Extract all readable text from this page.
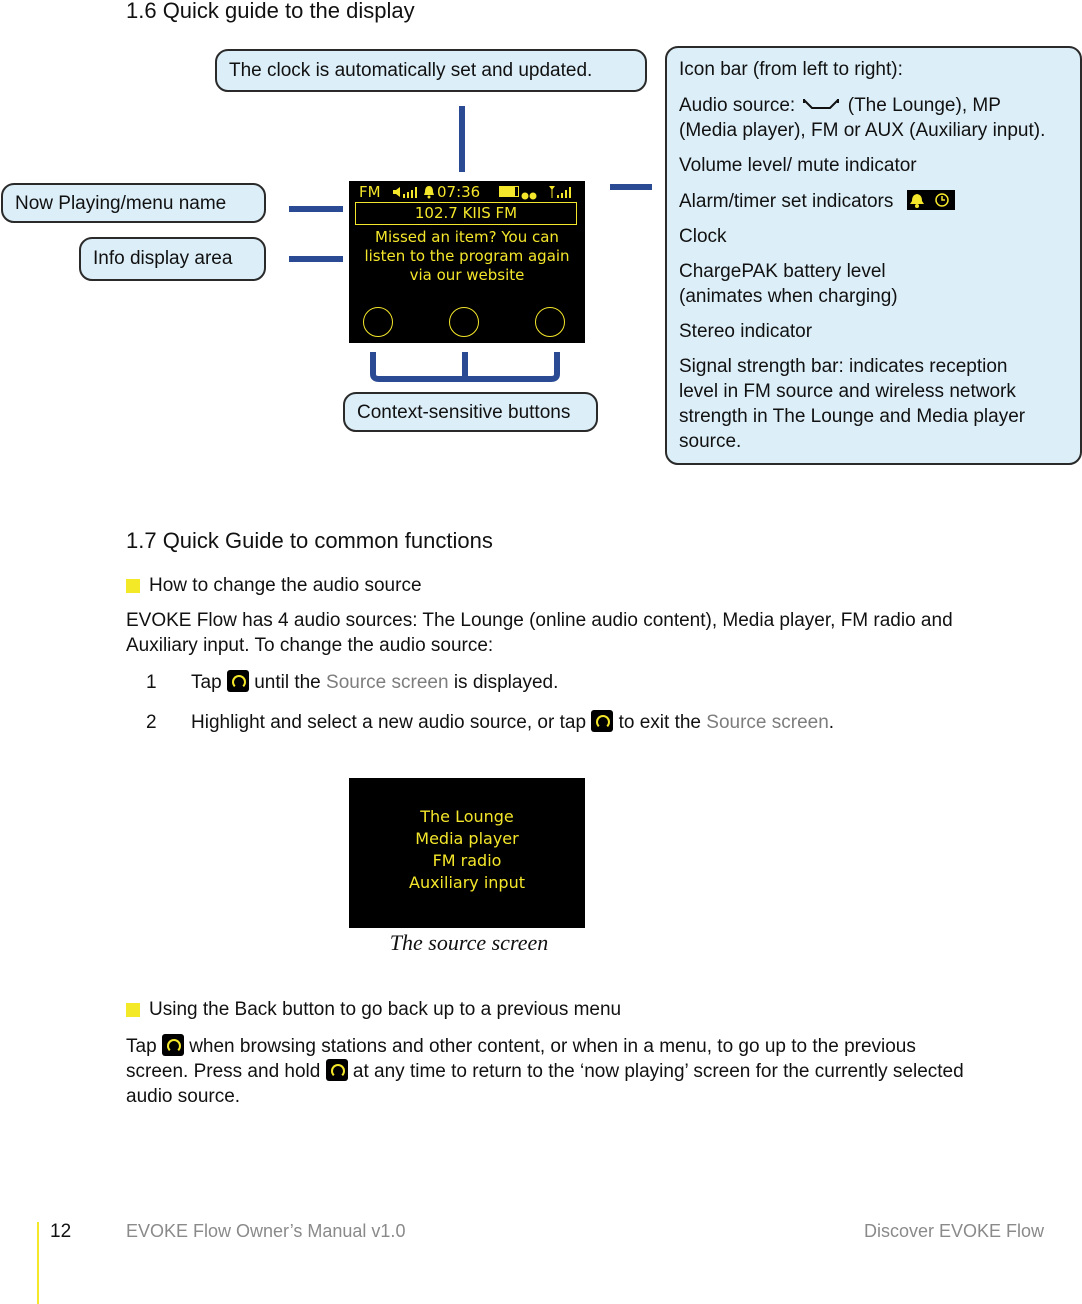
1.6 Quick guide to the display
The clock is automatically set and updated.
Now Playing/menu name
Info display area
Context-sensitive buttons

Icon bar (from left to right):

Audio source:	(The Lounge), MP

(Media player), FM or AUX (Auxiliary input).

Volume level/ mute indicator

Alarm/timer set indicators

Clock

ChargePAK battery level

(animates when charging)

Stereo indicator

Signal strength bar: indicates reception

level in FM source and wireless network

strength in The Lounge and Media player

source.

FM	07:36
102.7 KIIS FM
Missed an item? You can
listen to the program again
via our website
1.7 Quick Guide to common functions
How to change the audio source
EVOKE Flow has 4 audio sources: The Lounge (online audio content), Media player, FM radio and
Auxiliary input. To change the audio source:
1 Tap until the Source screen is displayed.
2 Highlight and select a new audio source, or tap to exit the Source screen.
The Lounge
Media player
FM radio
Auxiliary input
The source screen
Using the Back button to go back up to a previous menu
Tap when browsing stations and other content, or when in a menu, to go up to the previous
screen. Press and hold at any time to return to the ‘now playing’ screen for the currently selected
audio source.
12	EVOKE Flow Owner’s Manual v1.0	Discover EVOKE Flow
